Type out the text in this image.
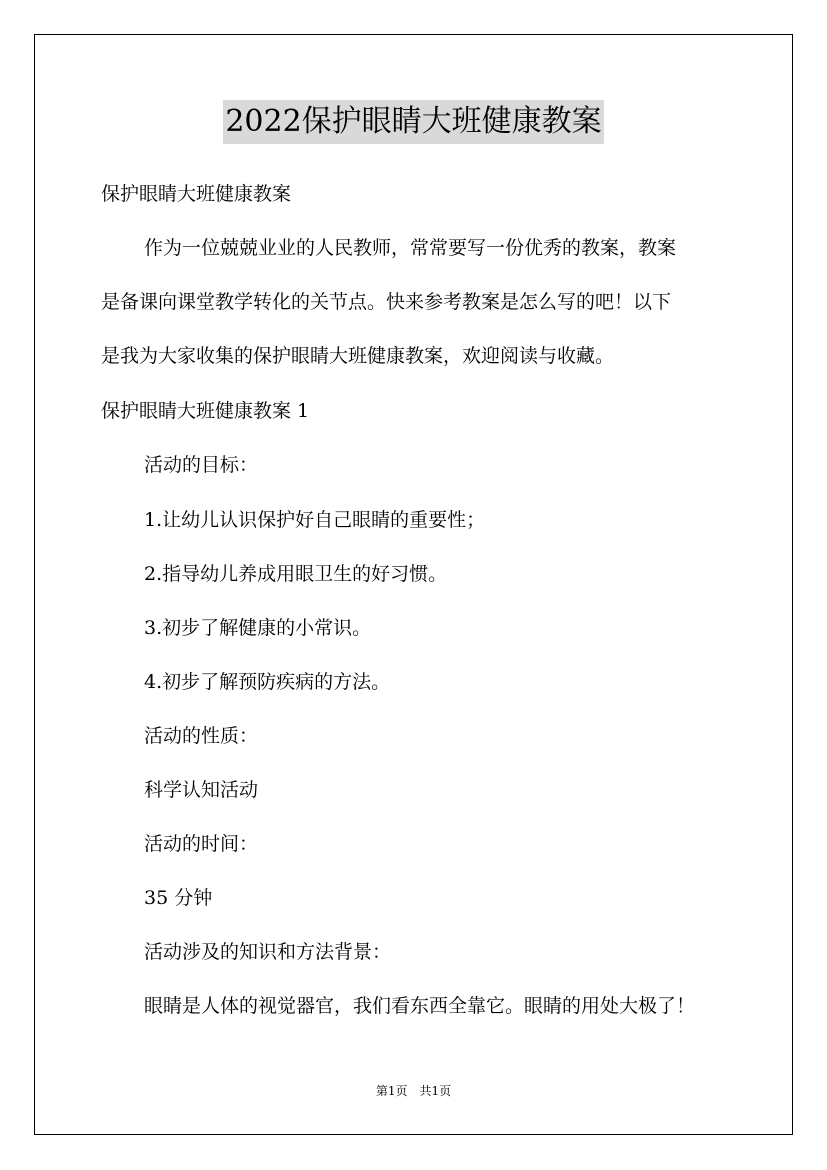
2022保护眼睛大班健康教案
保护眼睛大班健康教案
作为一位兢兢业业的人民教师，常常要写一份优秀的教案，教案
是备课向课堂教学转化的关节点。快来参考教案是怎么写的吧！以下
是我为大家收集的保护眼睛大班健康教案，欢迎阅读与收藏。
保护眼睛大班健康教案 1
活动的目标：
1.让幼儿认识保护好自己眼睛的重要性；
2.指导幼儿养成用眼卫生的好习惯。
3.初步了解健康的小常识。
4.初步了解预防疾病的方法。
活动的性质：
科学认知活动
活动的时间：
35 分钟
活动涉及的知识和方法背景：
眼睛是人体的视觉器官，我们看东西全靠它。眼睛的用处大极了！
第1页　共1页
